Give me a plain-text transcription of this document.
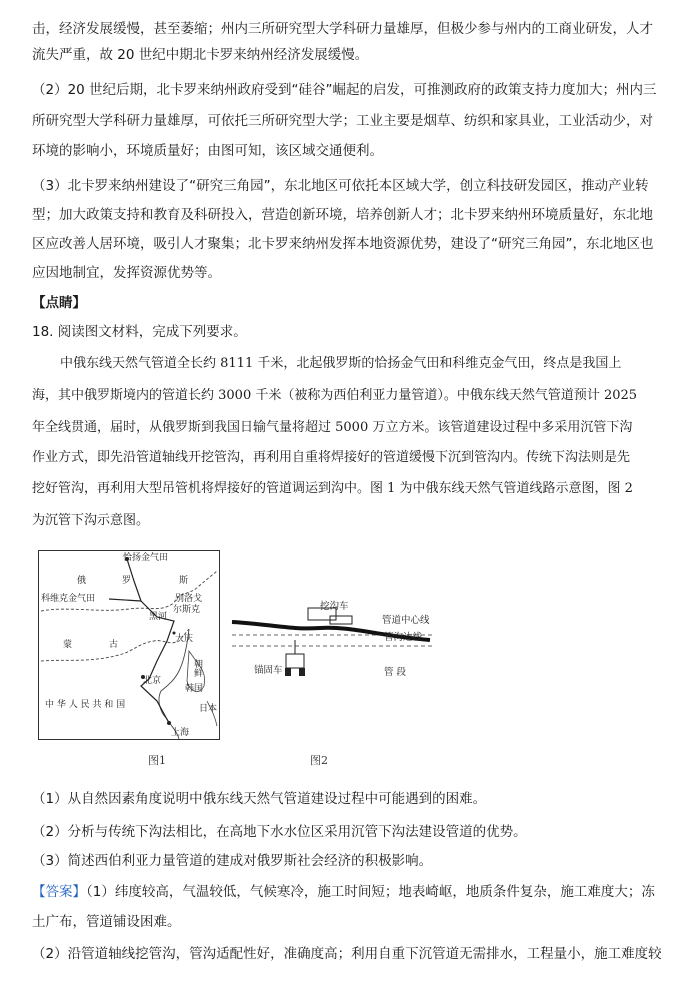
击，经济发展缓慢，甚至萎缩；州内三所研究型大学科研力量雄厚，但极少参与州内的工商业研发，人才
流失严重，故 20 世纪中期北卡罗来纳州经济发展缓慢。
（2）20 世纪后期，北卡罗来纳州政府受到“硅谷”崛起的启发，可推测政府的政策支持力度加大；州内三
所研究型大学科研力量雄厚，可依托三所研究型大学；工业主要是烟草、纺织和家具业，工业活动少，对
环境的影响小，环境质量好；由图可知，该区域交通便利。
（3）北卡罗来纳州建设了“研究三角园”，东北地区可依托本区域大学，创立科技研发园区，推动产业转
型；加大政策支持和教育及科研投入，营造创新环境，培养创新人才；北卡罗来纳州环境质量好，东北地
区应改善人居环境，吸引人才聚集；北卡罗来纳州发挥本地资源优势，建设了“研究三角园”，东北地区也
应因地制宜，发挥资源优势等。
【点睛】
18. 阅读图文材料，完成下列要求。
中俄东线天然气管道全长约 8111 千米，北起俄罗斯的恰扬金气田和科维克金气田，终点是我国上
海，其中俄罗斯境内的管道长约 3000 千米（被称为西伯利亚力量管道）。中俄东线天然气管道预计 2025
年全线贯通，届时，从俄罗斯到我国日输气量将超过 5000 万立方米。该管道建设过程中多采用沉管下沟
作业方式，即先沿管道轴线开挖管沟，再利用自重将焊接好的管道缓慢下沉到管沟内。传统下沟法则是先
挖好管沟，再利用大型吊管机将焊接好的管道调运到沟中。图 1 为中俄东线天然气管道线路示意图，图 2
为沉管下沟示意图。
恰扬金气田
俄	罗	斯
科维克金气田	别洛戈
尔斯克
黑河
蒙	古
大庆
北京
朝鲜
韩国
中 华 人 民 共 和 国	日本
上海
图1
挖沟车
管道中心线
管沟边线
锚固车	管 段
图2
（1）从自然因素角度说明中俄东线天然气管道建设过程中可能遇到的困难。
（2）分析与传统下沟法相比，在高地下水水位区采用沉管下沟法建设管道的优势。
（3）简述西伯利亚力量管道的建成对俄罗斯社会经济的积极影响。
【答案】（1）纬度较高，气温较低，气候寒冷，施工时间短；地表崎岖，地质条件复杂，施工难度大；冻
土广布，管道铺设困难。
（2）沿管道轴线挖管沟，管沟适配性好，准确度高；利用自重下沉管道无需排水，工程量小，施工难度较
